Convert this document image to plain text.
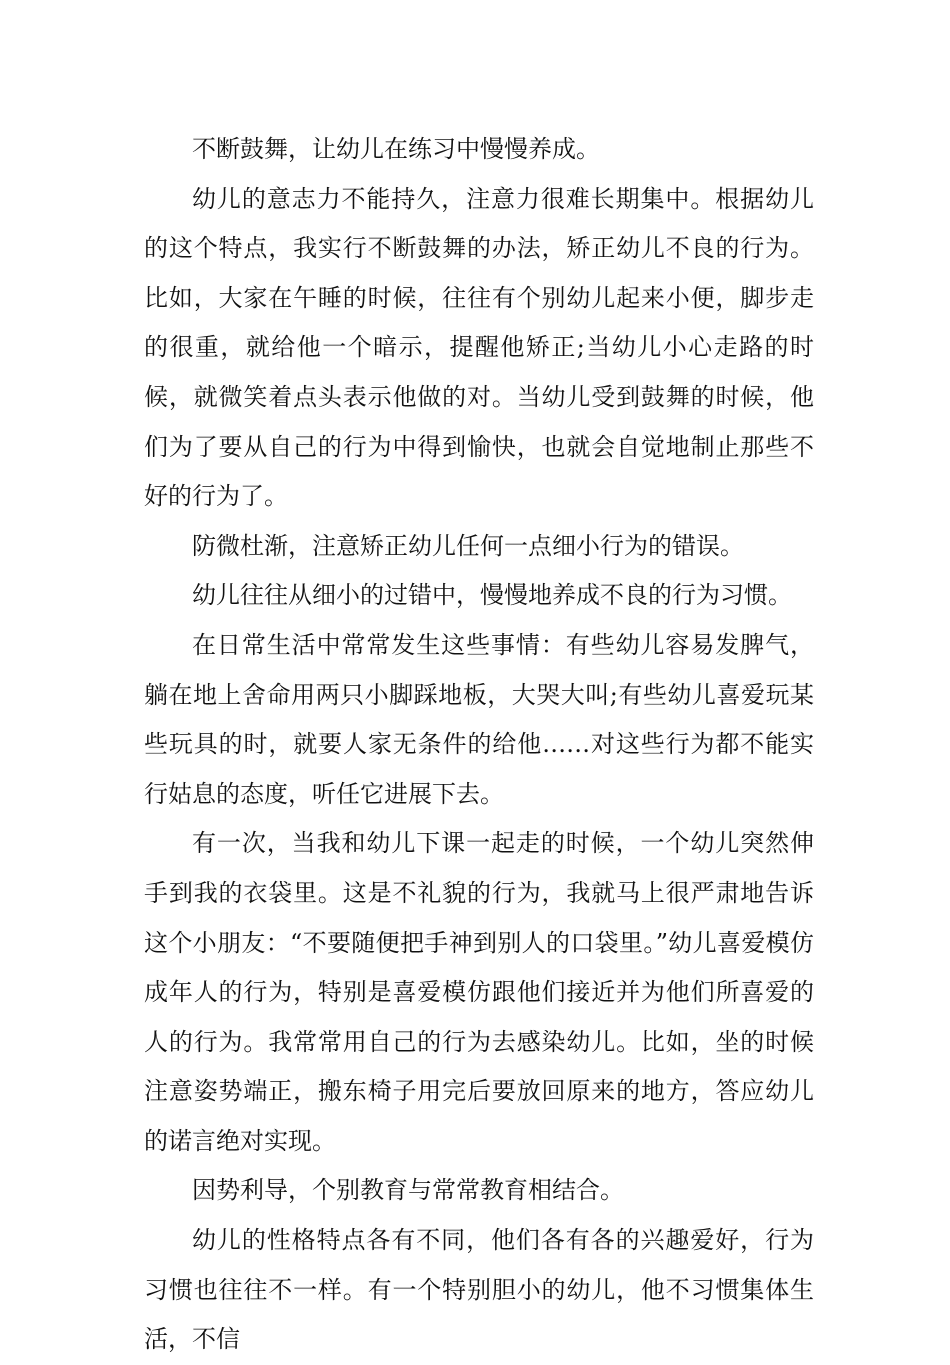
不断鼓舞，让幼儿在练习中慢慢养成。

幼儿的意志力不能持久，注意力很难长期集中。根据幼儿的这个特点，我实行不断鼓舞的办法，矫正幼儿不良的行为。比如，大家在午睡的时候，往往有个别幼儿起来小便，脚步走的很重，就给他一个暗示，提醒他矫正;当幼儿小心走路的时候，就微笑着点头表示他做的对。当幼儿受到鼓舞的时候，他们为了要从自己的行为中得到愉快，也就会自觉地制止那些不好的行为了。

防微杜渐，注意矫正幼儿任何一点细小行为的错误。

幼儿往往从细小的过错中，慢慢地养成不良的行为习惯。

在日常生活中常常发生这些事情：有些幼儿容易发脾气，躺在地上舍命用两只小脚踩地板，大哭大叫;有些幼儿喜爱玩某些玩具的时，就要人家无条件的给他……对这些行为都不能实行姑息的态度，听任它进展下去。

有一次，当我和幼儿下课一起走的时候，一个幼儿突然伸手到我的衣袋里。这是不礼貌的行为，我就马上很严肃地告诉这个小朋友：“不要随便把手神到别人的口袋里。”幼儿喜爱模仿成年人的行为，特别是喜爱模仿跟他们接近并为他们所喜爱的人的行为。我常常用自己的行为去感染幼儿。比如，坐的时候注意姿势端正，搬东椅子用完后要放回原来的地方，答应幼儿的诺言绝对实现。

因势利导，个别教育与常常教育相结合。

幼儿的性格特点各有不同，他们各有各的兴趣爱好，行为习惯也往往不一样。有一个特别胆小的幼儿，他不习惯集体生活，不信
